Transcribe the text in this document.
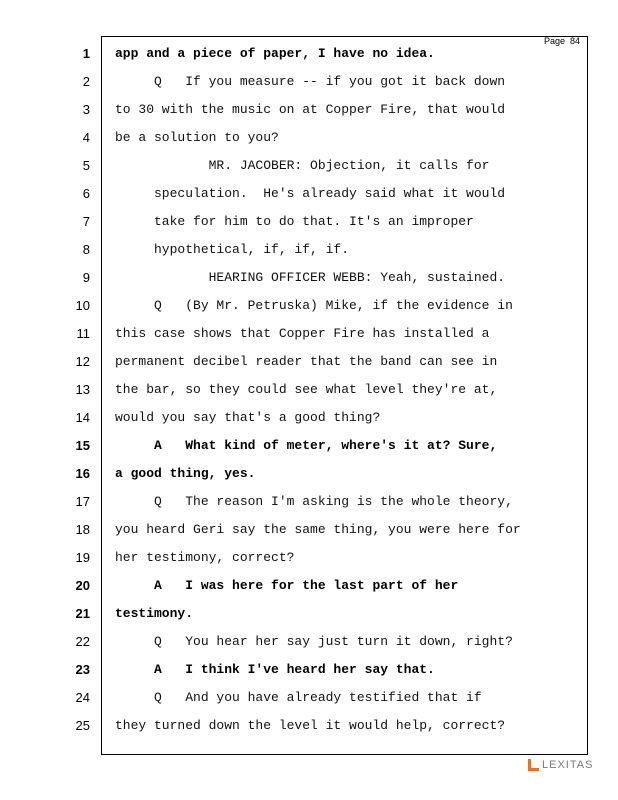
Page 84
1 app and a piece of paper, I have no idea.
2 Q   If you measure -- if you got it back down
3 to 30 with the music on at Copper Fire, that would
4 be a solution to you?
5 MR. JACOBER: Objection, it calls for
6 speculation.  He's already said what it would
7 take for him to do that. It's an improper
8 hypothetical, if, if, if.
9 HEARING OFFICER WEBB: Yeah, sustained.
10 Q   (By Mr. Petruska) Mike, if the evidence in
11 this case shows that Copper Fire has installed a
12 permanent decibel reader that the band can see in
13 the bar, so they could see what level they're at,
14 would you say that's a good thing?
15 A   What kind of meter, where's it at? Sure,
16 a good thing, yes.
17 Q   The reason I'm asking is the whole theory,
18 you heard Geri say the same thing, you were here for
19 her testimony, correct?
20 A   I was here for the last part of her
21 testimony.
22 Q   You hear her say just turn it down, right?
23 A   I think I've heard her say that.
24 Q   And you have already testified that if
25 they turned down the level it would help, correct?
LEXITAS
